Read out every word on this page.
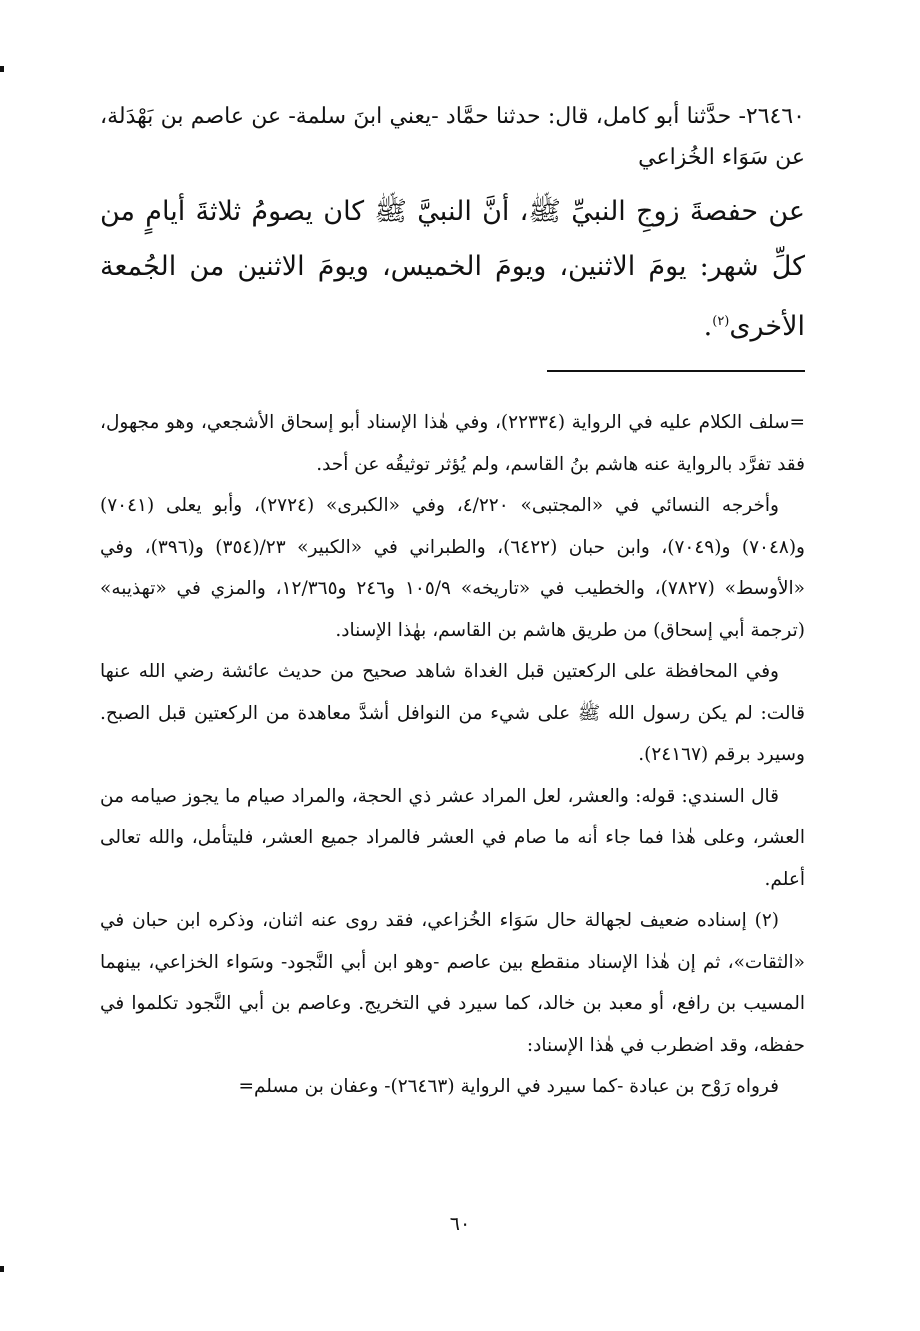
٢٦٤٦٠- حدَّثنا أبو كامل، قال: حدثنا حمَّاد -يعني ابنَ سلمة- عن عاصم بن بَهْدَلة، عن سَوَاء الخُزاعي

عن حفصةَ زوجِ النبيِّ ﷺ، أنَّ النبيَّ ﷺ كان يصومُ ثلاثةَ أيامٍ من كلِّ شهر: يومَ الاثنين، ويومَ الخميس، ويومَ الاثنين من الجُمعة الأخرى$^{(٢)}$.

=سلف الكلام عليه في الرواية (٢٢٣٣٤)، وفي هٰذا الإسناد أبو إسحاق الأشجعي، وهو مجهول، فقد تفرَّد بالرواية عنه هاشم بنُ القاسم، ولم يُؤثر توثيقُه عن أحد.

وأخرجه النسائي في «المجتبى» ٤/٢٢٠، وفي «الكبرى» (٢٧٢٤)، وأبو يعلى (٧٠٤١) و(٧٠٤٨) و(٧٠٤٩)، وابن حبان (٦٤٢٢)، والطبراني في «الكبير» ٢٣/(٣٥٤) و(٣٩٦)، وفي «الأوسط» (٧٨٢٧)، والخطيب في «تاريخه» ١٠٥/٩ و٢٤٦ و١٢/٣٦٥، والمزي في «تهذيبه» (ترجمة أبي إسحاق) من طريق هاشم بن القاسم، بهٰذا الإسناد.

وفي المحافظة على الركعتين قبل الغداة شاهد صحيح من حديث عائشة رضي الله عنها قالت: لم يكن رسول الله ﷺ على شيء من النوافل أشدَّ معاهدة من الركعتين قبل الصبح. وسيرد برقم (٢٤١٦٧).

قال السندي: قوله: والعشر، لعل المراد عشر ذي الحجة، والمراد صيام ما يجوز صيامه من العشر، وعلى هٰذا فما جاء أنه ما صام في العشر فالمراد جميع العشر، فليتأمل، والله تعالى أعلم.

(٢) إسناده ضعيف لجهالة حال سَوَاء الخُزاعي، فقد روى عنه اثنان، وذكره ابن حبان في «الثقات»، ثم إن هٰذا الإسناد منقطع بين عاصم -وهو ابن أبي النَّجود- وسَواء الخزاعي، بينهما المسيب بن رافع، أو معبد بن خالد، كما سيرد في التخريج. وعاصم بن أبي النَّجود تكلموا في حفظه، وقد اضطرب في هٰذا الإسناد:

فرواه رَوْح بن عبادة -كما سيرد في الرواية (٢٦٤٦٣)- وعفان بن مسلم=

٦٠
